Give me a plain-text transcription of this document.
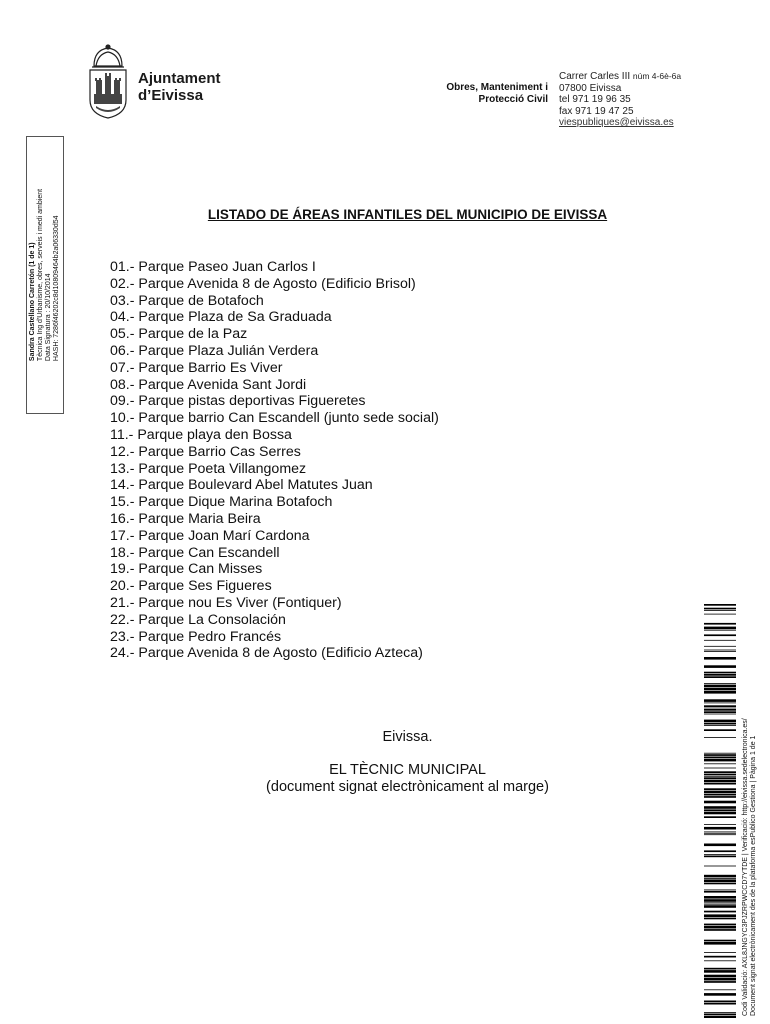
Ajuntament
d’Eivissa	Obres, Manteniment i
Protecció Civil
Carrer Carles III núm 4-6è-6a
07800 Eivissa
tel 971 19 96 35
fax 971 19 47 25
viespubliques@eivissa.es
Sandra Castellano Carretón (1 de 1) Tècnica Ing d'Urbanisme, obres, serveis i medi ambient Data Signatura : 20/10/2014 HASH: 7286f46202c8d10809464b2a06330d54
LISTADO DE ÁREAS INFANTILES DEL MUNICIPIO DE EIVISSA
01.- Parque Paseo Juan Carlos I
02.- Parque Avenida 8 de Agosto (Edificio Brisol)
03.- Parque de Botafoch
04.- Parque Plaza de Sa Graduada
05.- Parque de la Paz
06.- Parque Plaza Julián Verdera
07.- Parque Barrio Es Viver
08.- Parque Avenida Sant Jordi
09.- Parque pistas deportivas Figueretes
10.- Parque barrio Can Escandell (junto sede social)
11.- Parque playa den Bossa
12.- Parque Barrio Cas Serres
13.- Parque Poeta Villangomez
14.- Parque Boulevard Abel Matutes Juan
15.- Parque Dique Marina Botafoch
16.- Parque Maria Beira
17.- Parque Joan Marí Cardona
18.- Parque Can Escandell
19.- Parque Can Misses
20.- Parque Ses Figueres
21.- Parque nou Es Viver (Fontiquer)
22.- Parque La Consolación
23.- Parque Pedro Francés
24.- Parque Avenida 8 de Agosto (Edificio Azteca)
Eivissa.
EL TÈCNIC MUNICIPAL
(document signat electrònicament al marge)	Codi Validació: AXL8JNGYC3PJZRPWCCD7YTDE | Verificació: http://eivissa.sedelectronica.es/ Document signat electrònicament des de la plataforma esPublico Gestiona | Pàgina 1 de 1
